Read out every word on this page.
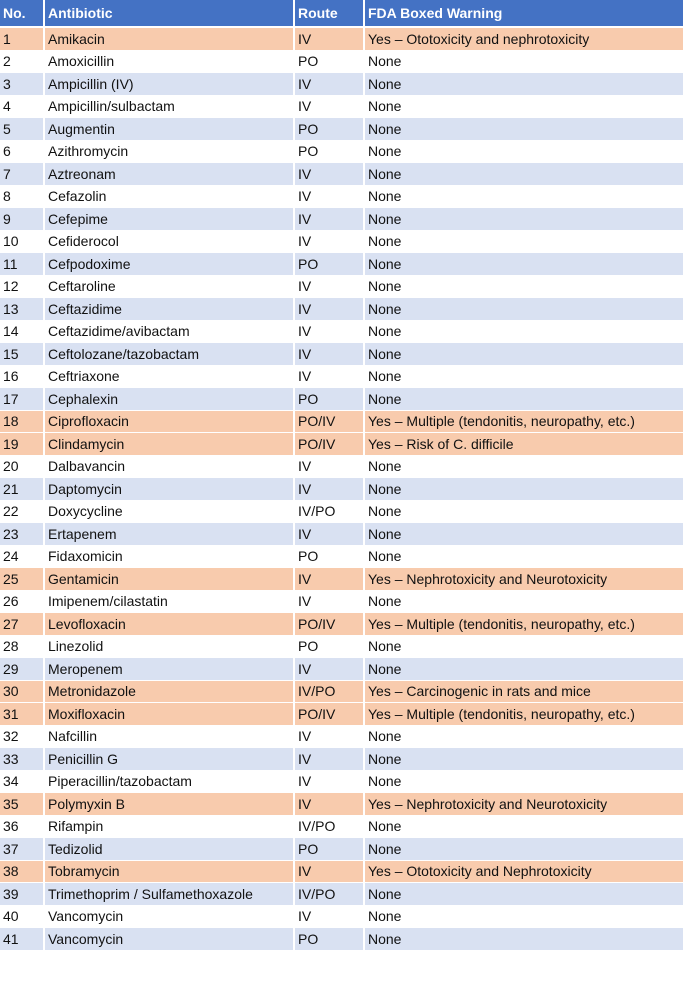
No.	Antibiotic	Route	FDA Boxed Warning
1	Amikacin	IV	Yes – Ototoxicity and nephrotoxicity
2	Amoxicillin	PO	None
3	Ampicillin (IV)	IV	None
4	Ampicillin/sulbactam	IV	None
5	Augmentin	PO	None
6	Azithromycin	PO	None
7	Aztreonam	IV	None
8	Cefazolin	IV	None
9	Cefepime	IV	None
10	Cefiderocol	IV	None
11	Cefpodoxime	PO	None
12	Ceftaroline	IV	None
13	Ceftazidime	IV	None
14	Ceftazidime/avibactam	IV	None
15	Ceftolozane/tazobactam	IV	None
16	Ceftriaxone	IV	None
17	Cephalexin	PO	None
18	Ciprofloxacin	PO/IV	Yes – Multiple (tendonitis, neuropathy, etc.)
19	Clindamycin	PO/IV	Yes – Risk of C. difficile
20	Dalbavancin	IV	None
21	Daptomycin	IV	None
22	Doxycycline	IV/PO	None
23	Ertapenem	IV	None
24	Fidaxomicin	PO	None
25	Gentamicin	IV	Yes – Nephrotoxicity and Neurotoxicity
26	Imipenem/cilastatin	IV	None
27	Levofloxacin	PO/IV	Yes – Multiple (tendonitis, neuropathy, etc.)
28	Linezolid	PO	None
29	Meropenem	IV	None
30	Metronidazole	IV/PO	Yes – Carcinogenic in rats and mice
31	Moxifloxacin	PO/IV	Yes – Multiple (tendonitis, neuropathy, etc.)
32	Nafcillin	IV	None
33	Penicillin G	IV	None
34	Piperacillin/tazobactam	IV	None
35	Polymyxin B	IV	Yes – Nephrotoxicity and Neurotoxicity
36	Rifampin	IV/PO	None
37	Tedizolid	PO	None
38	Tobramycin	IV	Yes – Ototoxicity and Nephrotoxicity
39	Trimethoprim / Sulfamethoxazole	IV/PO	None
40	Vancomycin	IV	None
41	Vancomycin	PO	None
